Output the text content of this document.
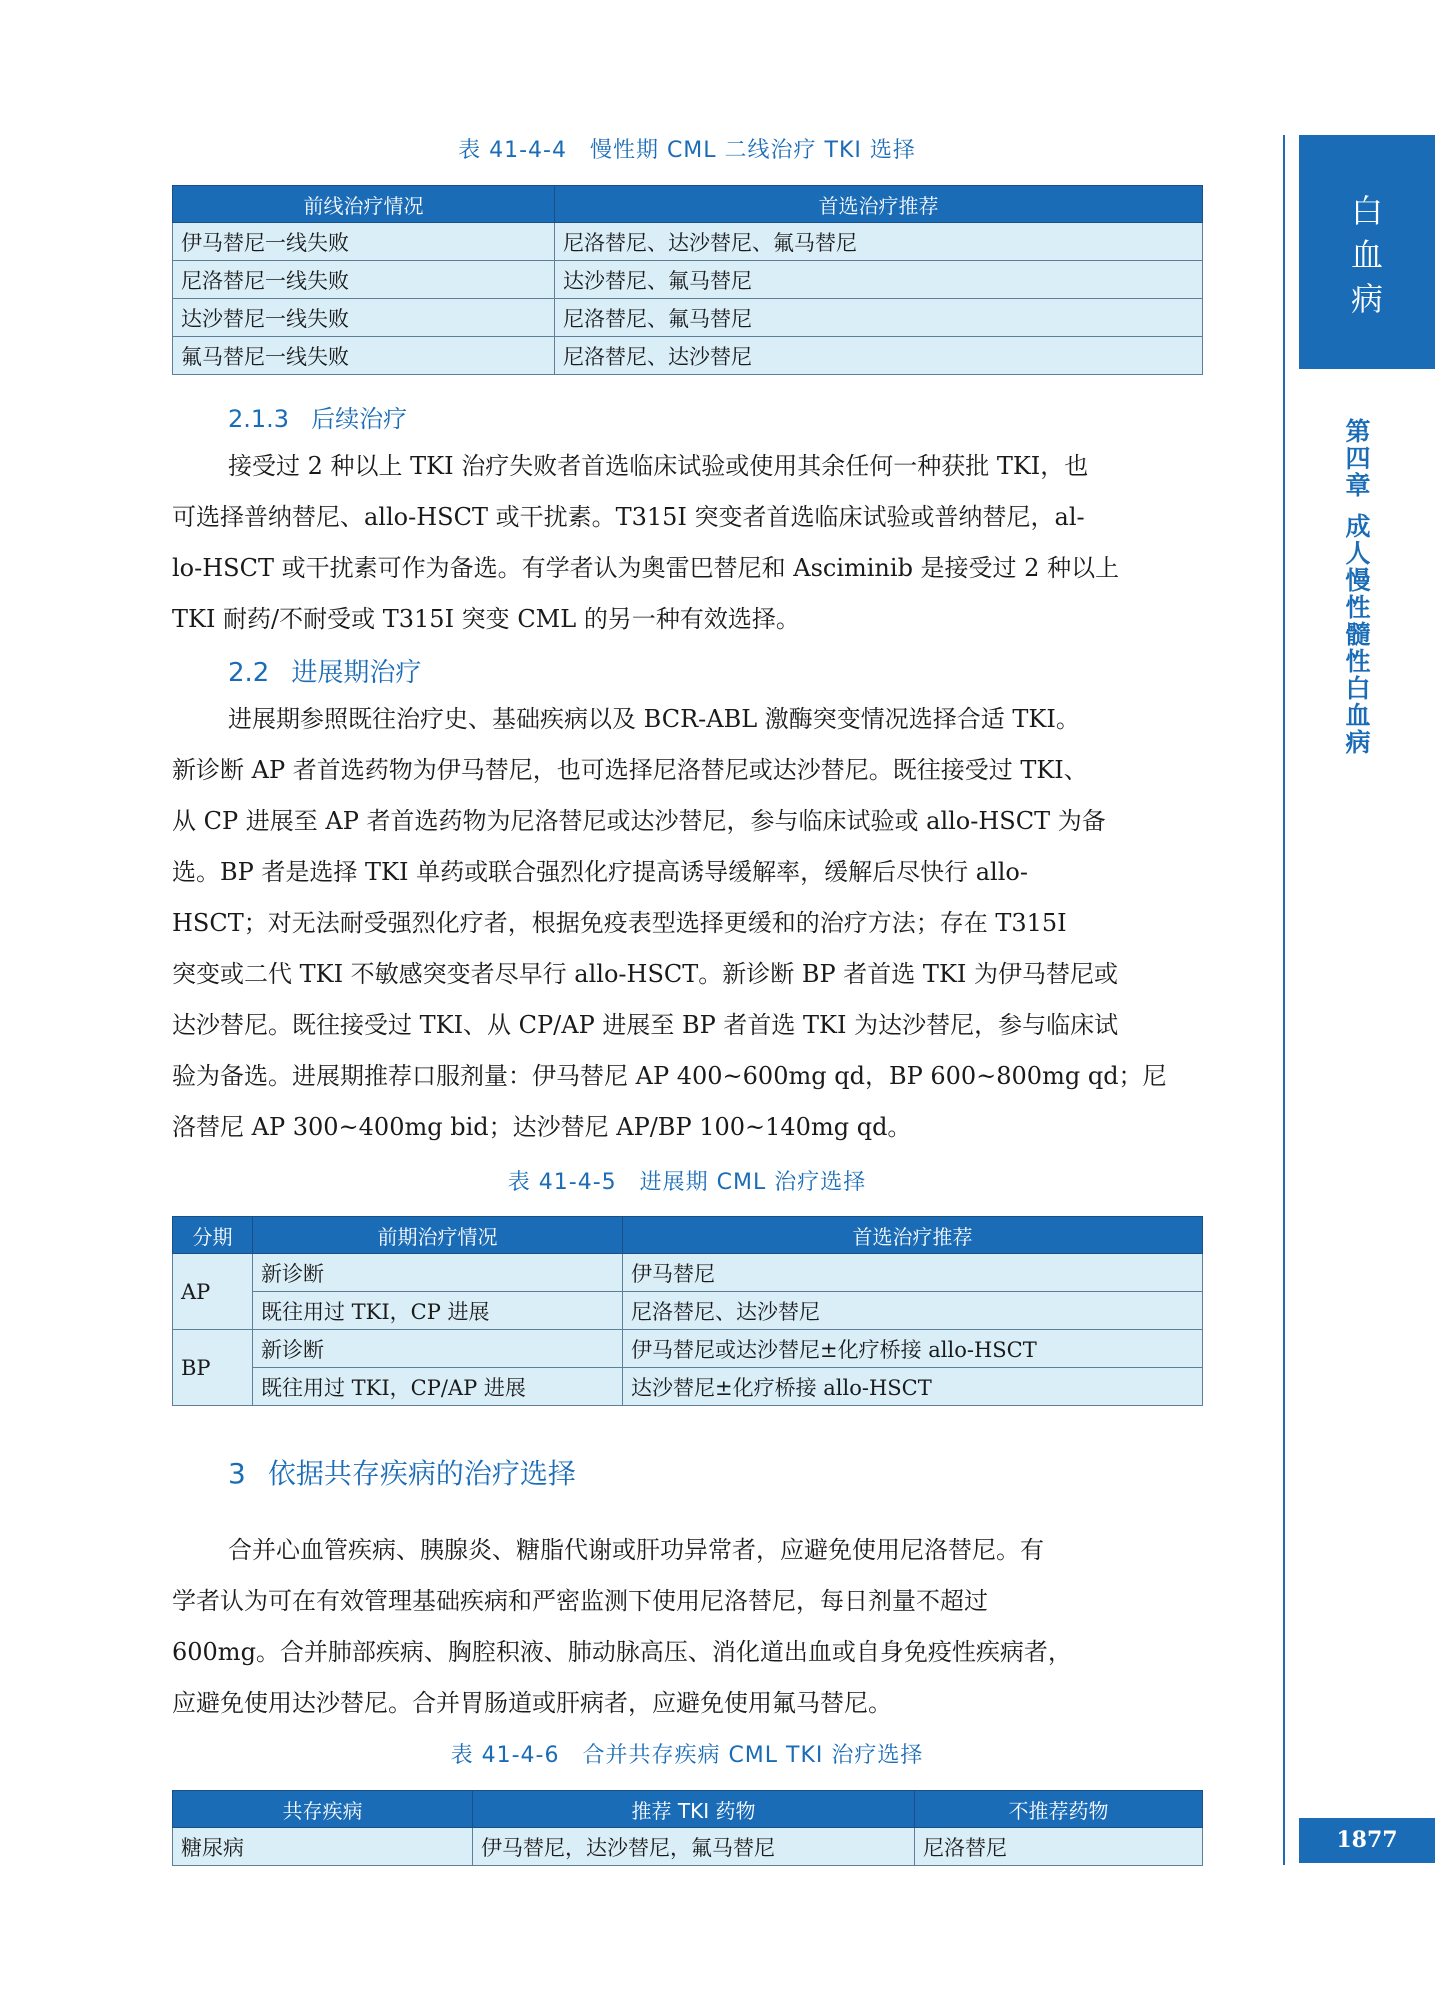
表 41-4-4　慢性期 CML 二线治疗 TKI 选择
前线治疗情况	首选治疗推荐
伊马替尼一线失败	尼洛替尼、达沙替尼、氟马替尼
尼洛替尼一线失败	达沙替尼、氟马替尼
达沙替尼一线失败	尼洛替尼、氟马替尼
氟马替尼一线失败	尼洛替尼、达沙替尼
2.1.3 后续治疗
接受过 2 种以上 TKI 治疗失败者首选临床试验或使用其余任何一种获批 TKI，也
可选择普纳替尼、allo-HSCT 或干扰素。T315I 突变者首选临床试验或普纳替尼，al-
lo-HSCT 或干扰素可作为备选。有学者认为奥雷巴替尼和 Asciminib 是接受过 2 种以上
TKI 耐药/不耐受或 T315I 突变 CML 的另一种有效选择。
2.2 进展期治疗
进展期参照既往治疗史、基础疾病以及 BCR-ABL 激酶突变情况选择合适 TKI。
新诊断 AP 者首选药物为伊马替尼，也可选择尼洛替尼或达沙替尼。既往接受过 TKI、
从 CP 进展至 AP 者首选药物为尼洛替尼或达沙替尼，参与临床试验或 allo-HSCT 为备
选。BP 者是选择 TKI 单药或联合强烈化疗提高诱导缓解率，缓解后尽快行 allo-
HSCT；对无法耐受强烈化疗者，根据免疫表型选择更缓和的治疗方法；存在 T315I
突变或二代 TKI 不敏感突变者尽早行 allo-HSCT。新诊断 BP 者首选 TKI 为伊马替尼或
达沙替尼。既往接受过 TKI、从 CP/AP 进展至 BP 者首选 TKI 为达沙替尼，参与临床试
验为备选。进展期推荐口服剂量：伊马替尼 AP 400~600mg qd，BP 600~800mg qd；尼
洛替尼 AP 300~400mg bid；达沙替尼 AP/BP 100~140mg qd。
表 41-4-5　进展期 CML 治疗选择
分期	前期治疗情况	首选治疗推荐
AP	新诊断	伊马替尼
	既往用过 TKI，CP 进展	尼洛替尼、达沙替尼
BP	新诊断	伊马替尼或达沙替尼±化疗桥接 allo-HSCT
	既往用过 TKI，CP/AP 进展	达沙替尼±化疗桥接 allo-HSCT
3 依据共存疾病的治疗选择
合并心血管疾病、胰腺炎、糖脂代谢或肝功异常者，应避免使用尼洛替尼。有
学者认为可在有效管理基础疾病和严密监测下使用尼洛替尼，每日剂量不超过
600mg。合并肺部疾病、胸腔积液、肺动脉高压、消化道出血或自身免疫性疾病者，
应避免使用达沙替尼。合并胃肠道或肝病者，应避免使用氟马替尼。
表 41-4-6　合并共存疾病 CML TKI 治疗选择
共存疾病	推荐 TKI 药物	不推荐药物
糖尿病	伊马替尼，达沙替尼，氟马替尼	尼洛替尼
白
血
病
第
四
章
成
人
慢
性
髓
性
白
血
病
1877
